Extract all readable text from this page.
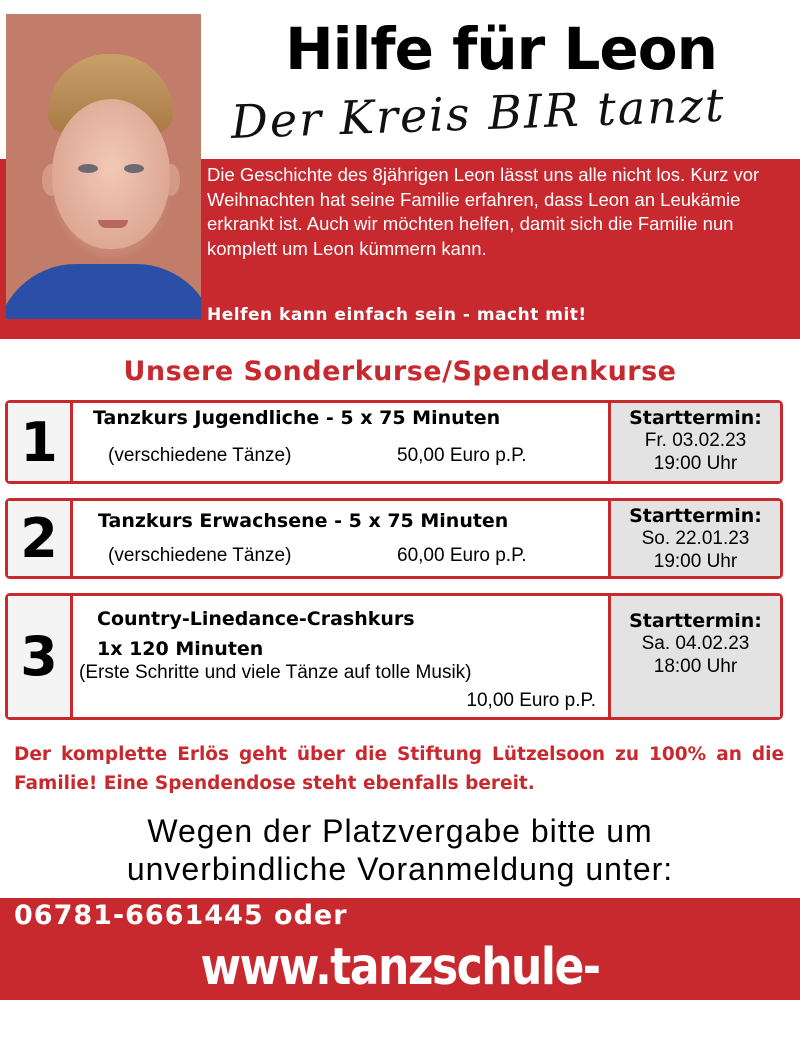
Hilfe für Leon
Der Kreis BIR tanzt
Die Geschichte des 8jährigen Leon lässt uns alle nicht los. Kurz vor Weihnachten hat seine Familie erfahren, dass Leon an Leukämie erkrankt ist. Auch wir möchten helfen, damit sich die Familie nun komplett um Leon kümmern kann.
Helfen kann einfach sein - macht mit!
Unsere Sonderkurse/Spendenkurse
1	Tanzkurs Jugendliche - 5 x 75 Minuten
(verschiedene Tänze)	50,00 Euro p.P.
Starttermin:
Fr. 03.02.23
19:00 Uhr
2	Tanzkurs Erwachsene - 5 x 75 Minuten
(verschiedene Tänze)	60,00 Euro p.P.
Starttermin:
So. 22.01.23
19:00 Uhr
3
Country-Linedance-Crashkurs
1x 120 Minuten
(Erste Schritte und viele Tänze auf tolle Musik)
10,00 Euro p.P.
Starttermin:
Sa. 04.02.23
18:00 Uhr
Der komplette Erlös geht über die Stiftung Lützelsoon zu 100% an die Familie! Eine Spendendose steht ebenfalls bereit.
Wegen der Platzvergabe bitte um
unverbindliche Voranmeldung unter:
06781-6661445 oder
www.tanzschule-musikschule.de/leon
